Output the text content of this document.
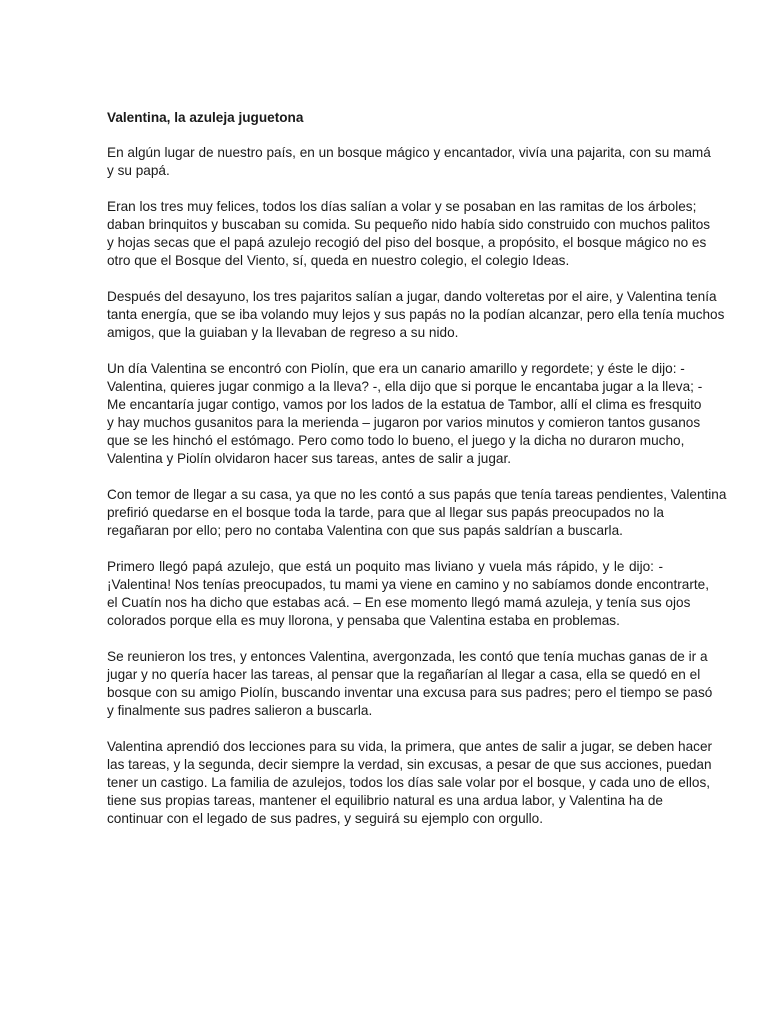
Valentina, la azuleja juguetona
En algún lugar de nuestro país, en un bosque mágico y encantador, vivía una pajarita, con su mamá
y su papá.
Eran los tres muy felices, todos los días salían a volar y se posaban en las ramitas de los árboles;
daban brinquitos y buscaban su comida. Su pequeño nido había sido construido con muchos palitos
y hojas secas que el papá azulejo recogió del piso del bosque, a propósito, el bosque mágico no es
otro que el Bosque del Viento, sí, queda en nuestro colegio, el colegio Ideas.
Después del desayuno, los tres pajaritos salían a jugar, dando volteretas por el aire, y Valentina tenía
tanta energía, que se iba volando muy lejos y sus papás no la podían alcanzar, pero ella tenía muchos
amigos, que la guiaban y la llevaban de regreso a su nido.
Un día Valentina se encontró con Piolín, que era un canario amarillo y regordete; y éste le dijo: -
Valentina, quieres jugar conmigo a la lleva? -, ella dijo que si porque le encantaba jugar a la lleva; -
Me encantaría jugar contigo, vamos por los lados de la estatua de Tambor, allí el clima es fresquito
y hay muchos gusanitos para la merienda – jugaron por varios minutos y comieron tantos gusanos
que se les hinchó el estómago. Pero como todo lo bueno, el juego y la dicha no duraron mucho,
Valentina y Piolín olvidaron hacer sus tareas, antes de salir a jugar.
Con temor de llegar a su casa, ya que no les contó a sus papás que tenía tareas pendientes, Valentina
prefirió quedarse en el bosque toda la tarde, para que al llegar sus papás preocupados no la
regañaran por ello; pero no contaba Valentina con que sus papás saldrían a buscarla.
Primero llegó papá azulejo, que está un poquito mas liviano y vuela más rápido, y le dijo: -
¡Valentina! Nos tenías preocupados, tu mami ya viene en camino y no sabíamos donde encontrarte,
el Cuatín nos ha dicho que estabas acá. – En ese momento llegó mamá azuleja, y tenía sus ojos
colorados porque ella es muy llorona, y pensaba que Valentina estaba en problemas.
Se reunieron los tres, y entonces Valentina, avergonzada, les contó que tenía muchas ganas de ir a
jugar y no quería hacer las tareas, al pensar que la regañarían al llegar a casa, ella se quedó en el
bosque con su amigo Piolín, buscando inventar una excusa para sus padres; pero el tiempo se pasó
y finalmente sus padres salieron a buscarla.
Valentina aprendió dos lecciones para su vida, la primera, que antes de salir a jugar, se deben hacer
las tareas, y la segunda, decir siempre la verdad, sin excusas, a pesar de que sus acciones, puedan
tener un castigo. La familia de azulejos, todos los días sale volar por el bosque, y cada uno de ellos,
tiene sus propias tareas, mantener el equilibrio natural es una ardua labor, y Valentina ha de
continuar con el legado de sus padres, y seguirá su ejemplo con orgullo.
